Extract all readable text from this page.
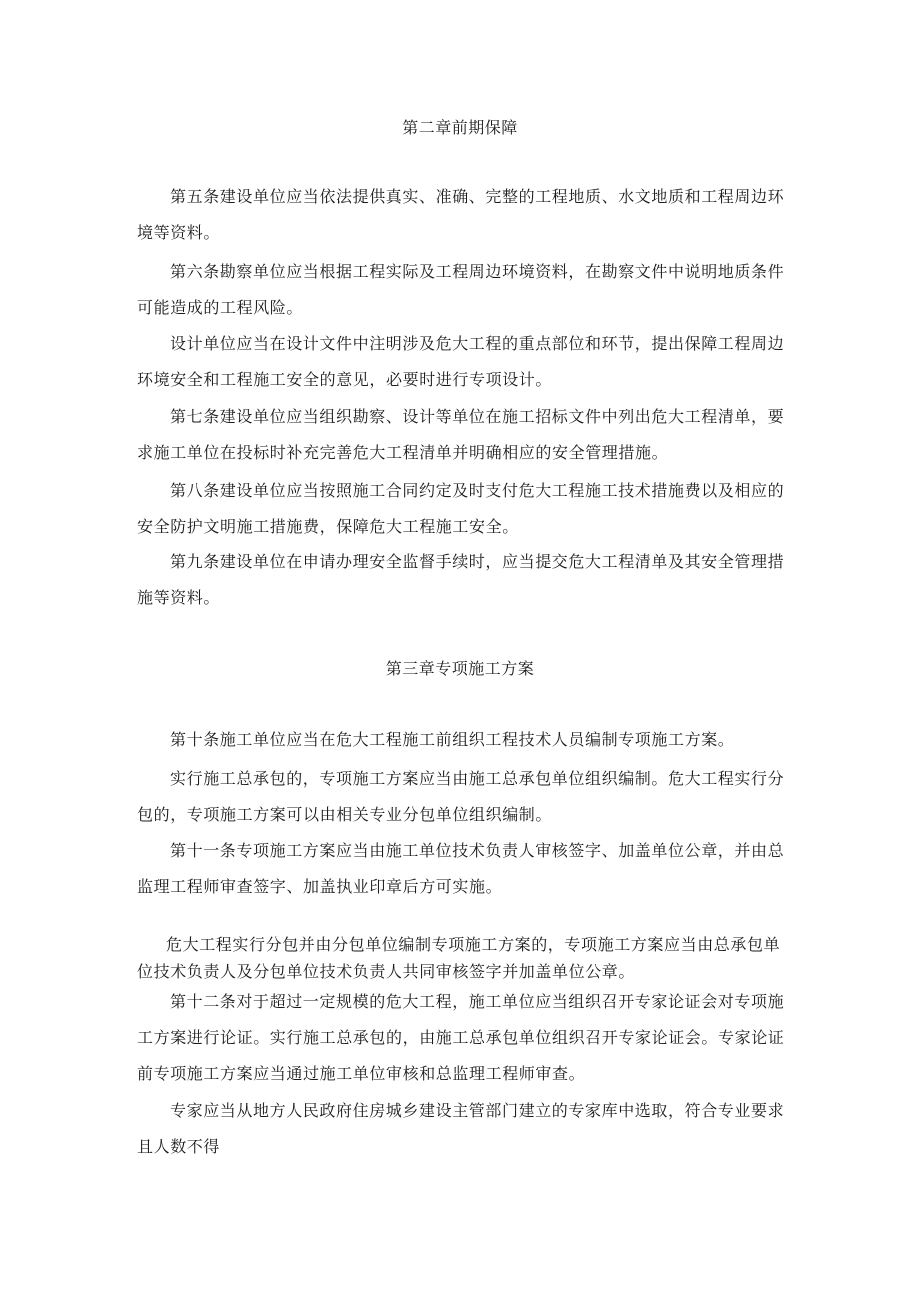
第二章前期保障

第五条建设单位应当依法提供真实、准确、完整的工程地质、水文地质和工程周边环境等资料。

第六条勘察单位应当根据工程实际及工程周边环境资料，在勘察文件中说明地质条件可能造成的工程风险。

设计单位应当在设计文件中注明涉及危大工程的重点部位和环节，提出保障工程周边环境安全和工程施工安全的意见，必要时进行专项设计。

第七条建设单位应当组织勘察、设计等单位在施工招标文件中列出危大工程清单，要求施工单位在投标时补充完善危大工程清单并明确相应的安全管理措施。

第八条建设单位应当按照施工合同约定及时支付危大工程施工技术措施费以及相应的安全防护文明施工措施费，保障危大工程施工安全。

第九条建设单位在申请办理安全监督手续时，应当提交危大工程清单及其安全管理措施等资料。

第三章专项施工方案

第十条施工单位应当在危大工程施工前组织工程技术人员编制专项施工方案。

实行施工总承包的，专项施工方案应当由施工总承包单位组织编制。危大工程实行分包的，专项施工方案可以由相关专业分包单位组织编制。

第十一条专项施工方案应当由施工单位技术负责人审核签字、加盖单位公章，并由总监理工程师审查签字、加盖执业印章后方可实施。

危大工程实行分包并由分包单位编制专项施工方案的，专项施工方案应当由总承包单位技术负责人及分包单位技术负责人共同审核签字并加盖单位公章。

第十二条对于超过一定规模的危大工程，施工单位应当组织召开专家论证会对专项施工方案进行论证。实行施工总承包的，由施工总承包单位组织召开专家论证会。专家论证前专项施工方案应当通过施工单位审核和总监理工程师审查。

专家应当从地方人民政府住房城乡建设主管部门建立的专家库中选取，符合专业要求且人数不得
